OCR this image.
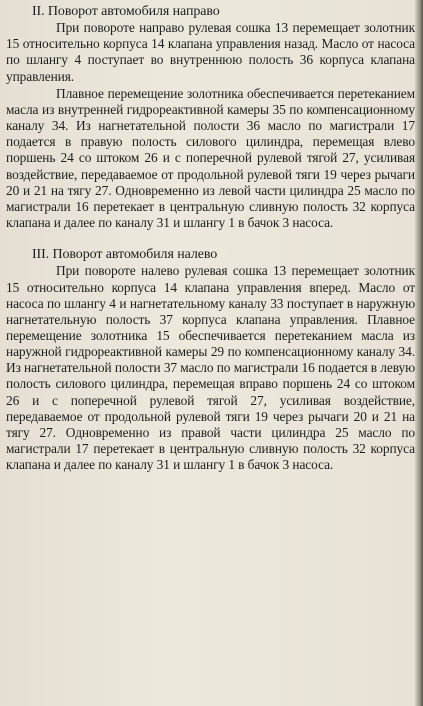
II. Поворот автомобиля направо

При повороте направо рулевая сошка 13 перемещает золотник 15 относительно корпуса 14 клапана управления назад. Масло от насоса по шлангу 4 поступает во внутреннюю полость 36 корпуса клапана управления.

Плавное перемещение золотника обеспечивается перетеканием масла из внутренней гидрореактивной камеры 35 по компенсационному каналу 34. Из нагнетательной полости 36 масло по магистрали 17 подается в правую полость силового цилиндра, перемещая влево поршень 24 со штоком 26 и с поперечной рулевой тягой 27, усиливая воздействие, передаваемое от продольной рулевой тяги 19 через рычаги 20 и 21 на тягу 27. Одновременно из левой части цилиндра 25 масло по магистрали 16 перетекает в центральную сливную полость 32 корпуса клапана и далее по каналу 31 и шлангу 1 в бачок 3 насоса.

III. Поворот автомобиля налево

При повороте налево рулевая сошка 13 перемещает золотник 15 относительно корпуса 14 клапана управления вперед. Масло от насоса по шлангу 4 и нагнетательному каналу 33 поступает в наружную нагнетательную полость 37 корпуса клапана управления. Плавное перемещение золотника 15 обеспечивается перетеканием масла из наружной гидрореактивной камеры 29 по компенсационному каналу 34. Из нагнетательной полости 37 масло по магистрали 16 подается в левую полость силового цилиндра, перемещая вправо поршень 24 со штоком 26 и с поперечной рулевой тягой 27, усиливая воздействие, передаваемое от продольной рулевой тяги 19 через рычаги 20 и 21 на тягу 27. Одновременно из правой части цилиндра 25 масло по магистрали 17 перетекает в центральную сливную полость 32 корпуса клапана и далее по каналу 31 и шлангу 1 в бачок 3 насоса.
